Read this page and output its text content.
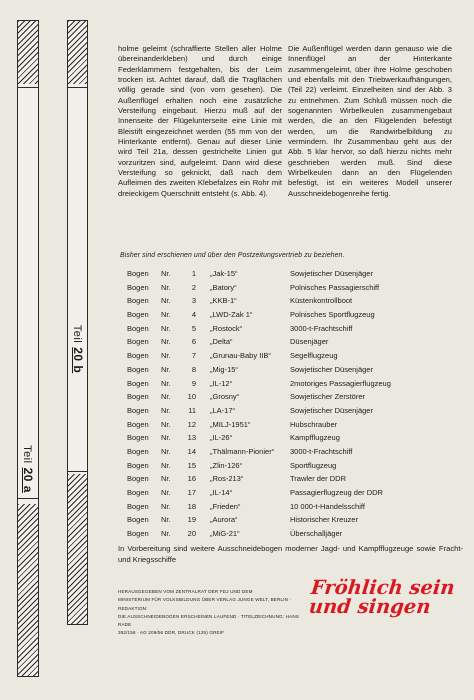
Teil20 a
Teil20 b
holme geleimt (schraffierte Stellen aller Holme übereinanderkleben) und durch einige Federklammern festgehalten, bis der Leim trocken ist. Achtet darauf, daß die Tragflächen völlig gerade sind (von vorn gesehen). Die Außenflügel erhalten noch eine zusätzliche Versteifung eingebaut. Hierzu muß auf der Innenseite der Flügelunterseite eine Linie mit Bleistift eingezeichnet werden (55 mm von der Hinterkante entfernt). Genau auf dieser Linie wird Teil 21a, dessen gestrichelte Linien gut vorzuritzen sind, aufgeleimt. Dann wird diese Versteifung so geknickt, daß nach dem Aufleimen des zweiten Klebefalzes ein Rohr mit dreieckigem Querschnitt entsteht (s. Abb. 4).
Die Außenflügel werden dann genauso wie die Innenflügel an der Hinterkante zusammengeleimt, über ihre Holme geschoben und ebenfalls mit den Triebwerkaufhängungen, (Teil 22) verleimt. Einzelheiten sind der Abb. 3 zu entnehmen. Zum Schluß müssen noch die sogenannten Wirbelkeulen zusammengebaut werden, die an den Flügelenden befestigt werden, um die Randwirbelbildung zu vermindern. Ihr Zusammenbau geht aus der Abb. 5 klar hervor, so daß hierzu nichts mehr geschrieben werden muß. Sind diese Wirbelkeulen dann an den Flügelenden befestigt, ist ein weiteres Modell unserer Ausschneidebogenreihe fertig.
Bisher sind erschienen und über den Postzeitungsvertrieb zu beziehen.
Bogen Nr.	1 „Jak-15“	Sowjetischer Düsenjäger
Bogen Nr.	2 „Batory“	Polnisches Passagierschiff
Bogen Nr.	3 „KKB-1“	Küstenkontrollboot
Bogen Nr.	4 „LWD-Zak 1“	Polnisches Sportflugzeug
Bogen Nr.	5 „Rostock“	3000-t-Frachtschiff
Bogen Nr.	6 „Delta“	Düsenjäger
Bogen Nr.	7 „Grunau-Baby IIB“	Segelflugzeug
Bogen Nr.	8 „Mig-15“	Sowjetischer Düsenjäger
Bogen Nr.	9 „IL-12“	2motoriges Passagierflugzeug
Bogen Nr. 10 „Grosny“	Sowjetischer Zerstörer
Bogen Nr. 11 „LA-17“	Sowjetischer Düsenjäger
Bogen Nr. 12 „MILJ-1951“	Hubschrauber
Bogen Nr. 13 „IL-26“	Kampfflugzeug
Bogen Nr. 14 „Thälmann-Pionier“ 3000-t-Frachtschiff
Bogen Nr. 15 „Zlin-126“	Sportflugzeug
Bogen Nr. 16 „Ros-213“	Trawler der DDR
Bogen Nr. 17 „IL-14“	Passagierflugzeug der DDR
Bogen Nr. 18 „Frieden“	10 000-t-Handelsschiff
Bogen Nr. 19 „Aurora“	Historischer Kreuzer
Bogen Nr. 20 „MiG-21“	Überschalljäger
In Vorbereitung sind weitere Ausschneidebogen moderner Jagd- und Kampfflugzeuge sowie Fracht- und Kriegsschiffe
HERAUSGEGEBEN VOM ZENTRALRAT DER FDJ UND DEM
MINISTERIUM FÜR VOLKSBILDUNG ÜBER VERLAG JUNGE WELT, BERLIN · REDAKTION:
DIE AUSSCHNEIDEBOGEN ERSCHEINEN LAUFEND · TITELZEICHNUNG: HANS RADE
352/156 · AG 209/56 DDR, DRUCK (125) GREIF
Fröhlich sein
und singen
